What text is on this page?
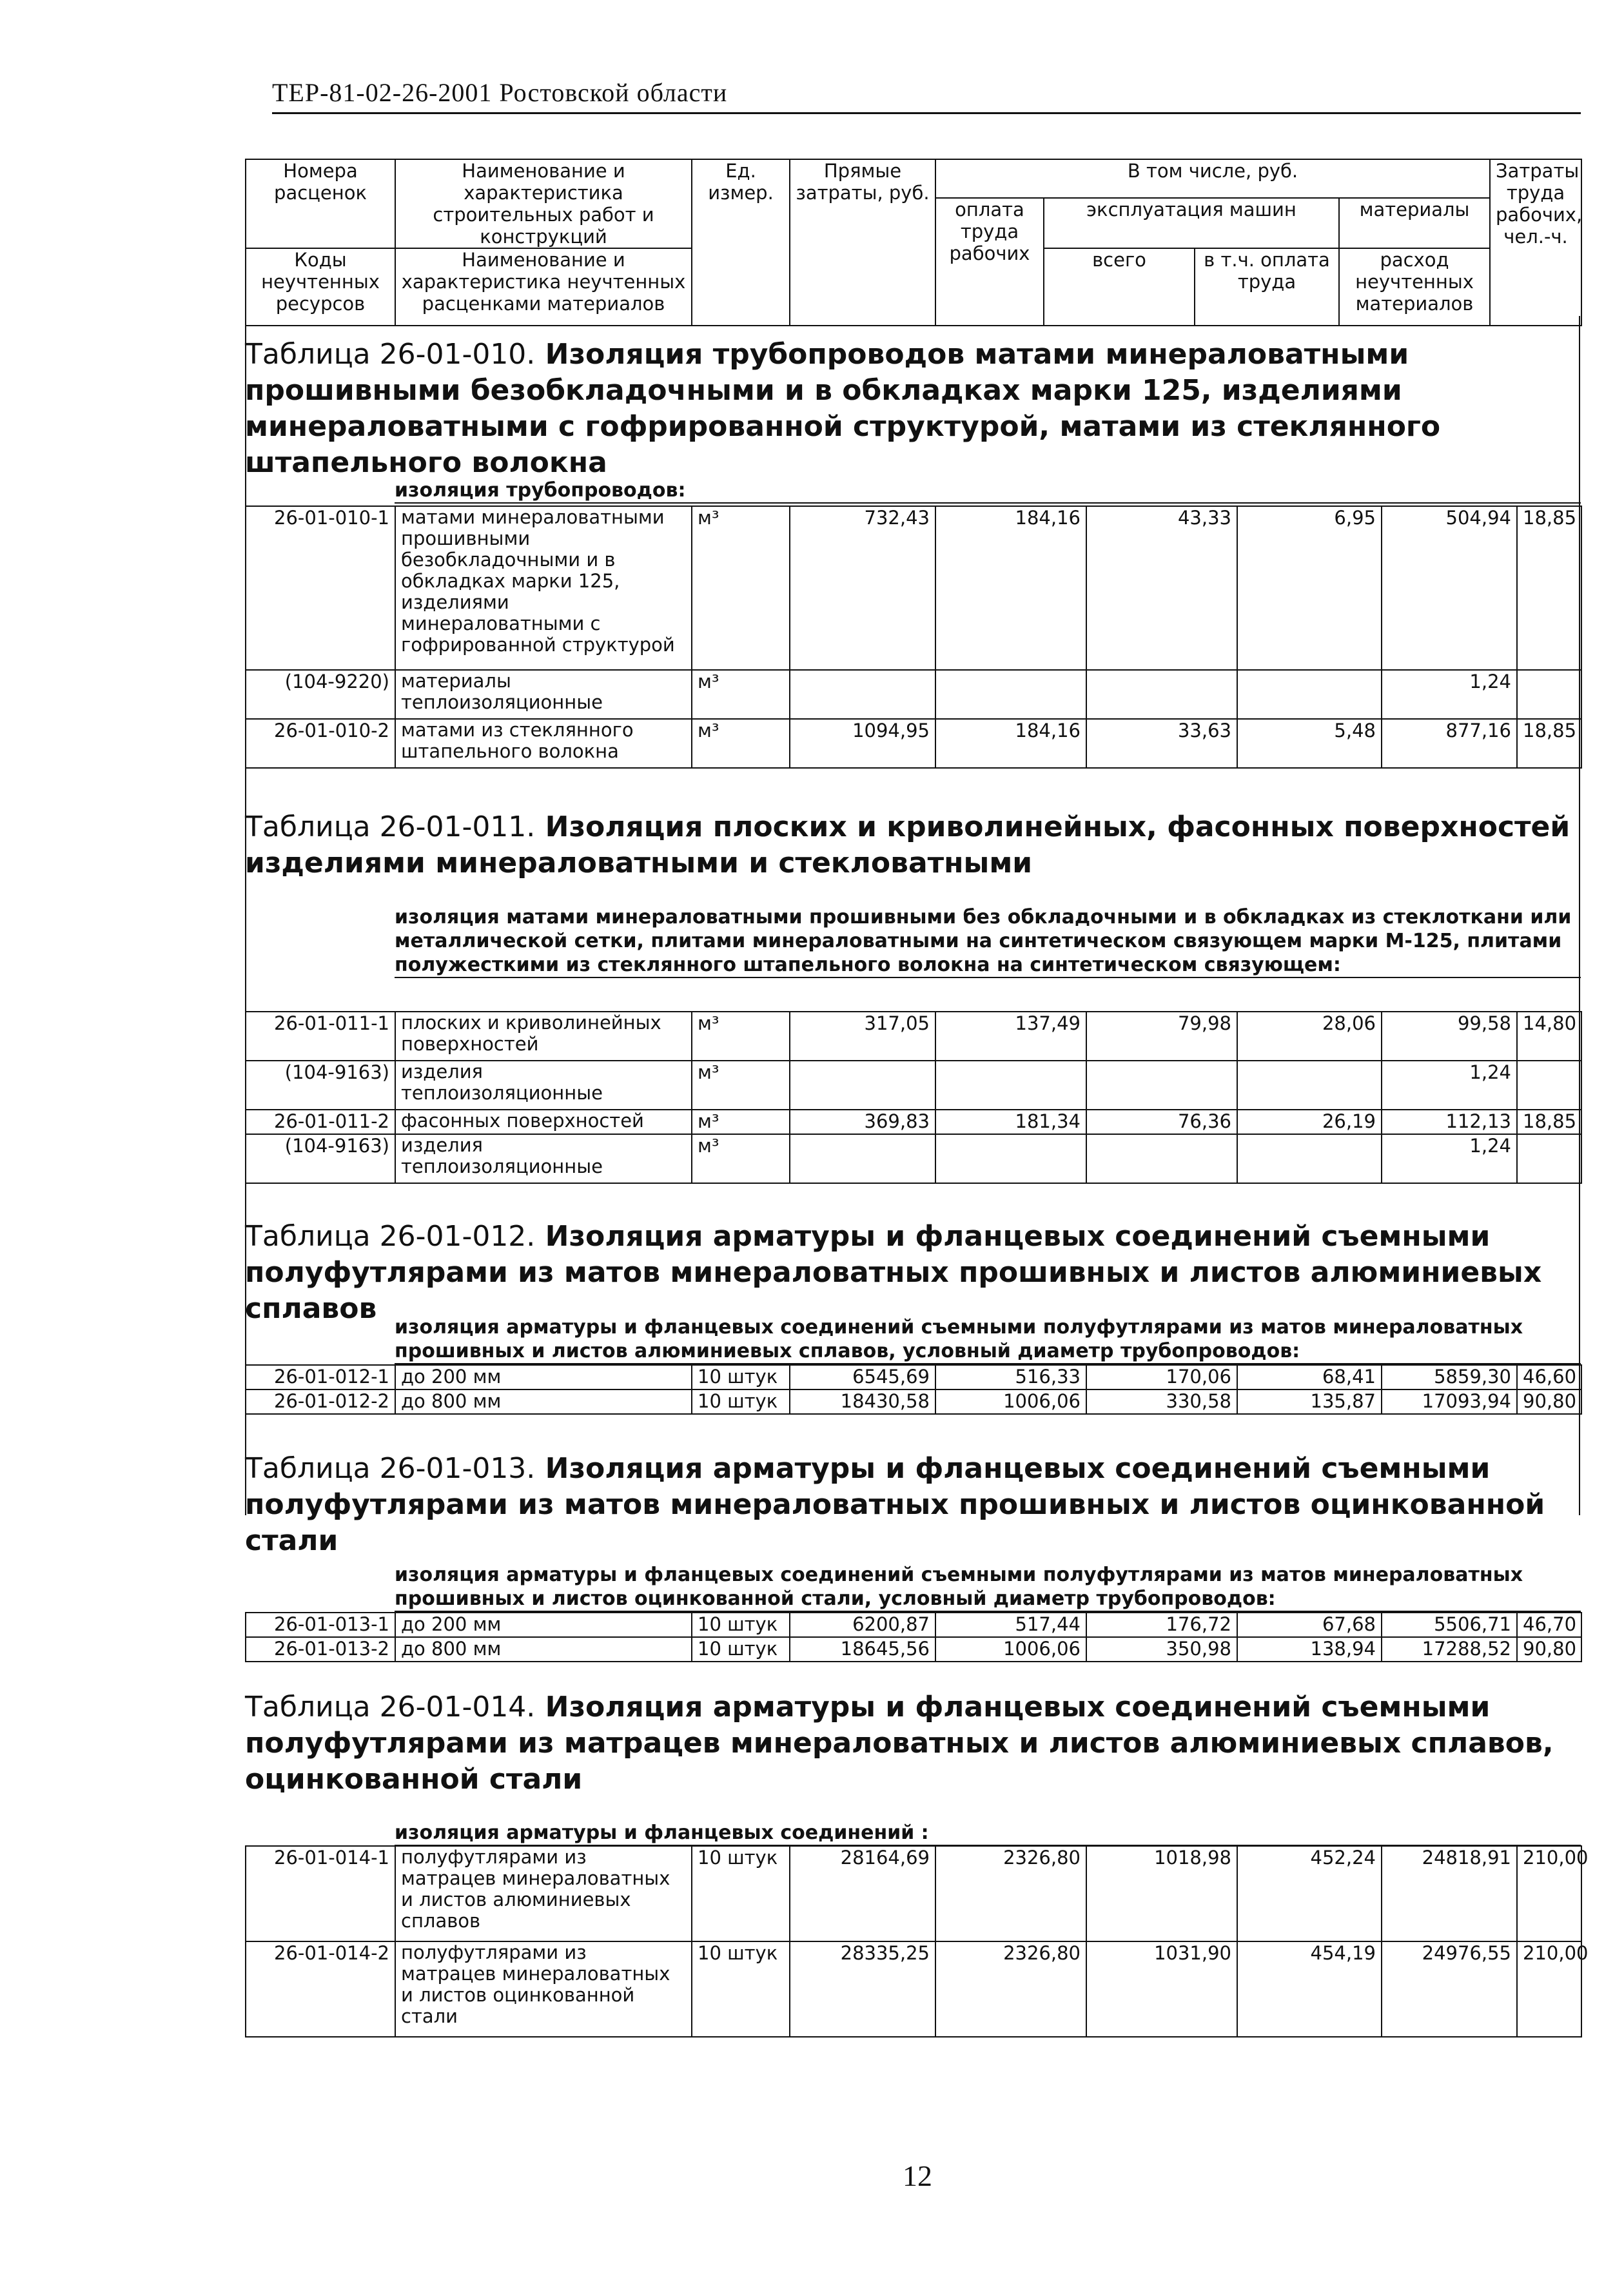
ТЕР-81-02-26-2001 Ростовской области
Номера расценок	Наименование и характеристика строительных работ и конструкций	Ед. измер.	Прямые затраты, руб.	В том числе, руб.				Затраты труда рабочих, чел.-ч.
				оплата труда рабочих	эксплуатация машин		материалы	
Коды неучтенных ресурсов	Наименование и характеристика неучтенных расценками материалов				всего	в т.ч. оплата труда	расход неучтенных материалов	

Таблица 26-01-010. Изоляция трубопроводов матами минераловатными прошивными безобкладочными и в обкладках марки 125, изделиями минераловатными с гофрированной структурой, матами из стеклянного штапельного волокна
изоляция трубопроводов:
26-01-010-1	матами минераловатными прошивными безобкладочными и в обкладках марки 125, изделиями минераловатными с гофрированной структурой	м³	732,43	184,16	43,33	6,95	504,94	18,85
(104-9220)	материалы теплоизоляционные	м³					1,24	
26-01-010-2	матами из стеклянного штапельного волокна	м³	1094,95	184,16	33,63	5,48	877,16	18,85
Таблица 26-01-011. Изоляция плоских и криволинейных, фасонных поверхностей изделиями минераловатными и стекловатными
изоляция матами минераловатными прошивными без обкладочными и в обкладках из стеклоткани или металлической сетки, плитами минераловатными на синтетическом связующем марки М-125, плитами полужесткими из стеклянного штапельного волокна на синтетическом связующем:
26-01-011-1	плоских и криволинейных поверхностей	м³	317,05	137,49	79,98	28,06	99,58	14,80
(104-9163)	изделия теплоизоляционные	м³					1,24	
26-01-011-2	фасонных поверхностей	м³	369,83	181,34	76,36	26,19	112,13	18,85
(104-9163)	изделия теплоизоляционные	м³					1,24	
Таблица 26-01-012. Изоляция арматуры и фланцевых соединений съемными полуфутлярами из матов минераловатных прошивных и листов алюминиевых сплавов
изоляция арматуры и фланцевых соединений съемными полуфутлярами из матов минераловатных прошивных и листов алюминиевых сплавов, условный диаметр трубопроводов:
26-01-012-1	до 200 мм	10 штук	6545,69	516,33	170,06	68,41	5859,30	46,60
26-01-012-2	до 800 мм	10 штук	18430,58	1006,06	330,58	135,87	17093,94	90,80
Таблица 26-01-013. Изоляция арматуры и фланцевых соединений съемными полуфутлярами из матов минераловатных прошивных и листов оцинкованной стали
изоляция арматуры и фланцевых соединений съемными полуфутлярами из матов минераловатных прошивных и листов оцинкованной стали, условный диаметр трубопроводов:
26-01-013-1	до 200 мм	10 штук	6200,87	517,44	176,72	67,68	5506,71	46,70
26-01-013-2	до 800 мм	10 штук	18645,56	1006,06	350,98	138,94	17288,52	90,80
Таблица 26-01-014. Изоляция арматуры и фланцевых соединений съемными полуфутлярами из матрацев минераловатных и листов алюминиевых сплавов, оцинкованной стали
изоляция арматуры и фланцевых соединений :
26-01-014-1	полуфутлярами из матрацев минераловатных и листов алюминиевых сплавов	10 штук	28164,69	2326,80	1018,98	452,24	24818,91	210,00
26-01-014-2	полуфутлярами из матрацев минераловатных и листов оцинкованной стали	10 штук	28335,25	2326,80	1031,90	454,19	24976,55	210,00
12
